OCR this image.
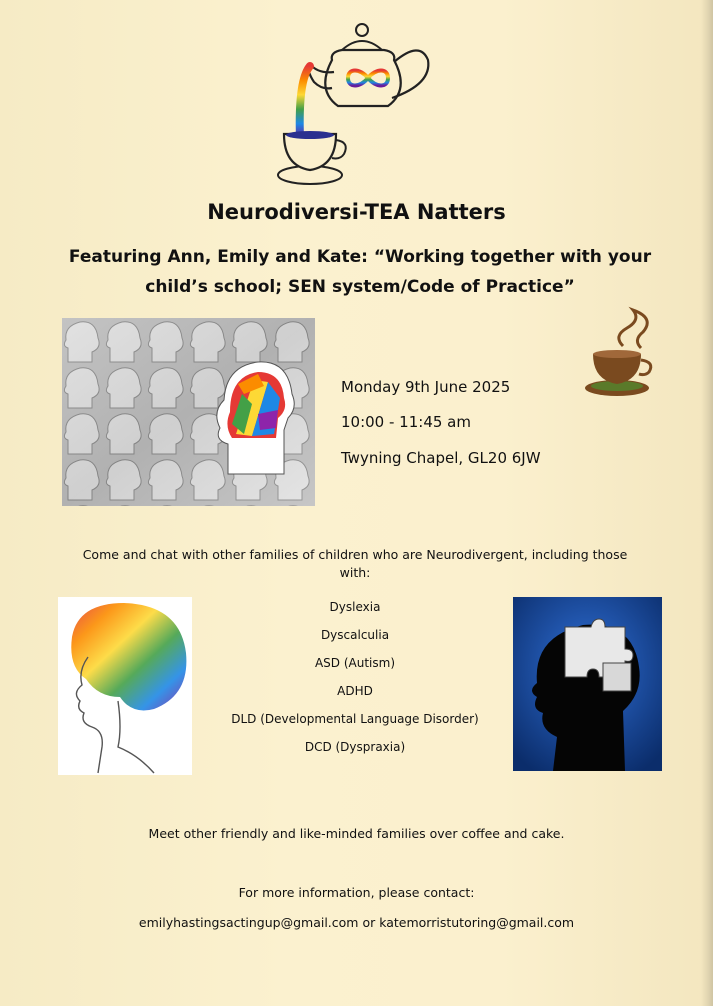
Neurodiversi-TEA Natters
Featuring Ann, Emily and Kate: “Working together with your child’s school; SEN system/Code of Practice”
Monday 9th June 2025
10:00 - 11:45 am
Twyning Chapel, GL20 6JW
Come and chat with other families of children who are Neurodivergent, including those with:
Dyslexia
Dyscalculia
ASD (Autism)
ADHD
DLD (Developmental Language Disorder)
DCD (Dyspraxia)
Meet other friendly and like-minded families over coffee and cake.
For more information, please contact:
emilyhastingsactingup@gmail.com or katemorristutoring@gmail.com
